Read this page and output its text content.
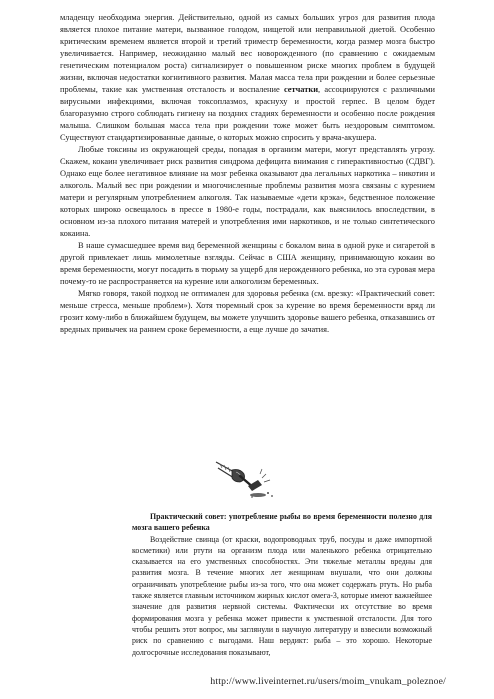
младенцу необходима энергия. Действительно, одной из самых больших угроз для развития плода является плохое питание матери, вызванное голодом, нищетой или неправильной диетой. Особенно критическим временем является второй и третий триместр беременности, когда размер мозга быстро увеличивается. Например, неожиданно малый вес новорожденного (по сравнению с ожидаемым генетическим потенциалом роста) сигнализирует о повышенном риске многих проблем в будущей жизни, включая недостатки когнитивного развития. Малая масса тела при рождении и более серьезные проблемы, такие как умственная отсталость и воспаление сетчатки, ассоциируются с различными вирусными инфекциями, включая токсоплазмоз, краснуху и простой герпес. В целом будет благоразумно строго соблюдать гигиену на поздних стадиях беременности и особенно после рождения малыша. Слишком большая масса тела при рождении тоже может быть нездоровым симптомом. Существуют стандартизированные данные, о которых можно спросить у врача-акушера.

Любые токсины из окружающей среды, попадая в организм матери, могут представлять угрозу. Скажем, кокаин увеличивает риск развития синдрома дефицита внимания с гиперактивностью (СДВГ). Однако еще более негативное влияние на мозг ребенка оказывают два легальных наркотика – никотин и алкоголь. Малый вес при рождении и многочисленные проблемы развития мозга связаны с курением матери и регулярным употреблением алкоголя. Так называемые «дети крэка», бедственное положение которых широко освещалось в прессе в 1980-е годы, пострадали, как выяснилось впоследствии, в основном из-за плохого питания матерей и употребления ими наркотиков, и не только синтетического кокаина.

В наше сумасшедшее время вид беременной женщины с бокалом вина в одной руке и сигаретой в другой привлекает лишь мимолетные взгляды. Сейчас в США женщину, принимающую кокаин во время беременности, могут посадить в тюрьму за ущерб для нерожденного ребенка, но эта суровая мера почему-то не распространяется на курение или алкоголизм беременных.

Мягко говоря, такой подход не оптимален для здоровья ребенка (см. врезку: «Практический совет: меньше стресса, меньше проблем»). Хотя тюремный срок за курение во время беременности вряд ли грозит кому-либо в ближайшем будущем, вы можете улучшить здоровье вашего ребенка, отказавшись от вредных привычек на раннем сроке беременности, а еще лучше до зачатия.

Практический совет: употребление рыбы во время беременности полезно для мозга вашего ребенка

Воздействие свинца (от краски, водопроводных труб, посуды и даже импортной косметики) или ртути на организм плода или маленького ребенка отрицательно сказывается на его умственных способностях. Эти тяжелые металлы вредны для развития мозга. В течение многих лет женщинам внушали, что они должны ограничивать употребление рыбы из-за того, что она может содержать ртуть. Но рыба также является главным источником жирных кислот омега-3, которые имеют важнейшее значение для развития нервной системы. Фактически их отсутствие во время формирования мозга у ребенка может привести к умственной отсталости. Для того чтобы решить этот вопрос, мы заглянули в научную литературу и взвесили возможный риск по сравнению с выгодами. Наш вердикт: рыба – это хорошо. Некоторые долгосрочные исследования показывают,

http://www.liveinternet.ru/users/moim_vnukam_poleznoe/
